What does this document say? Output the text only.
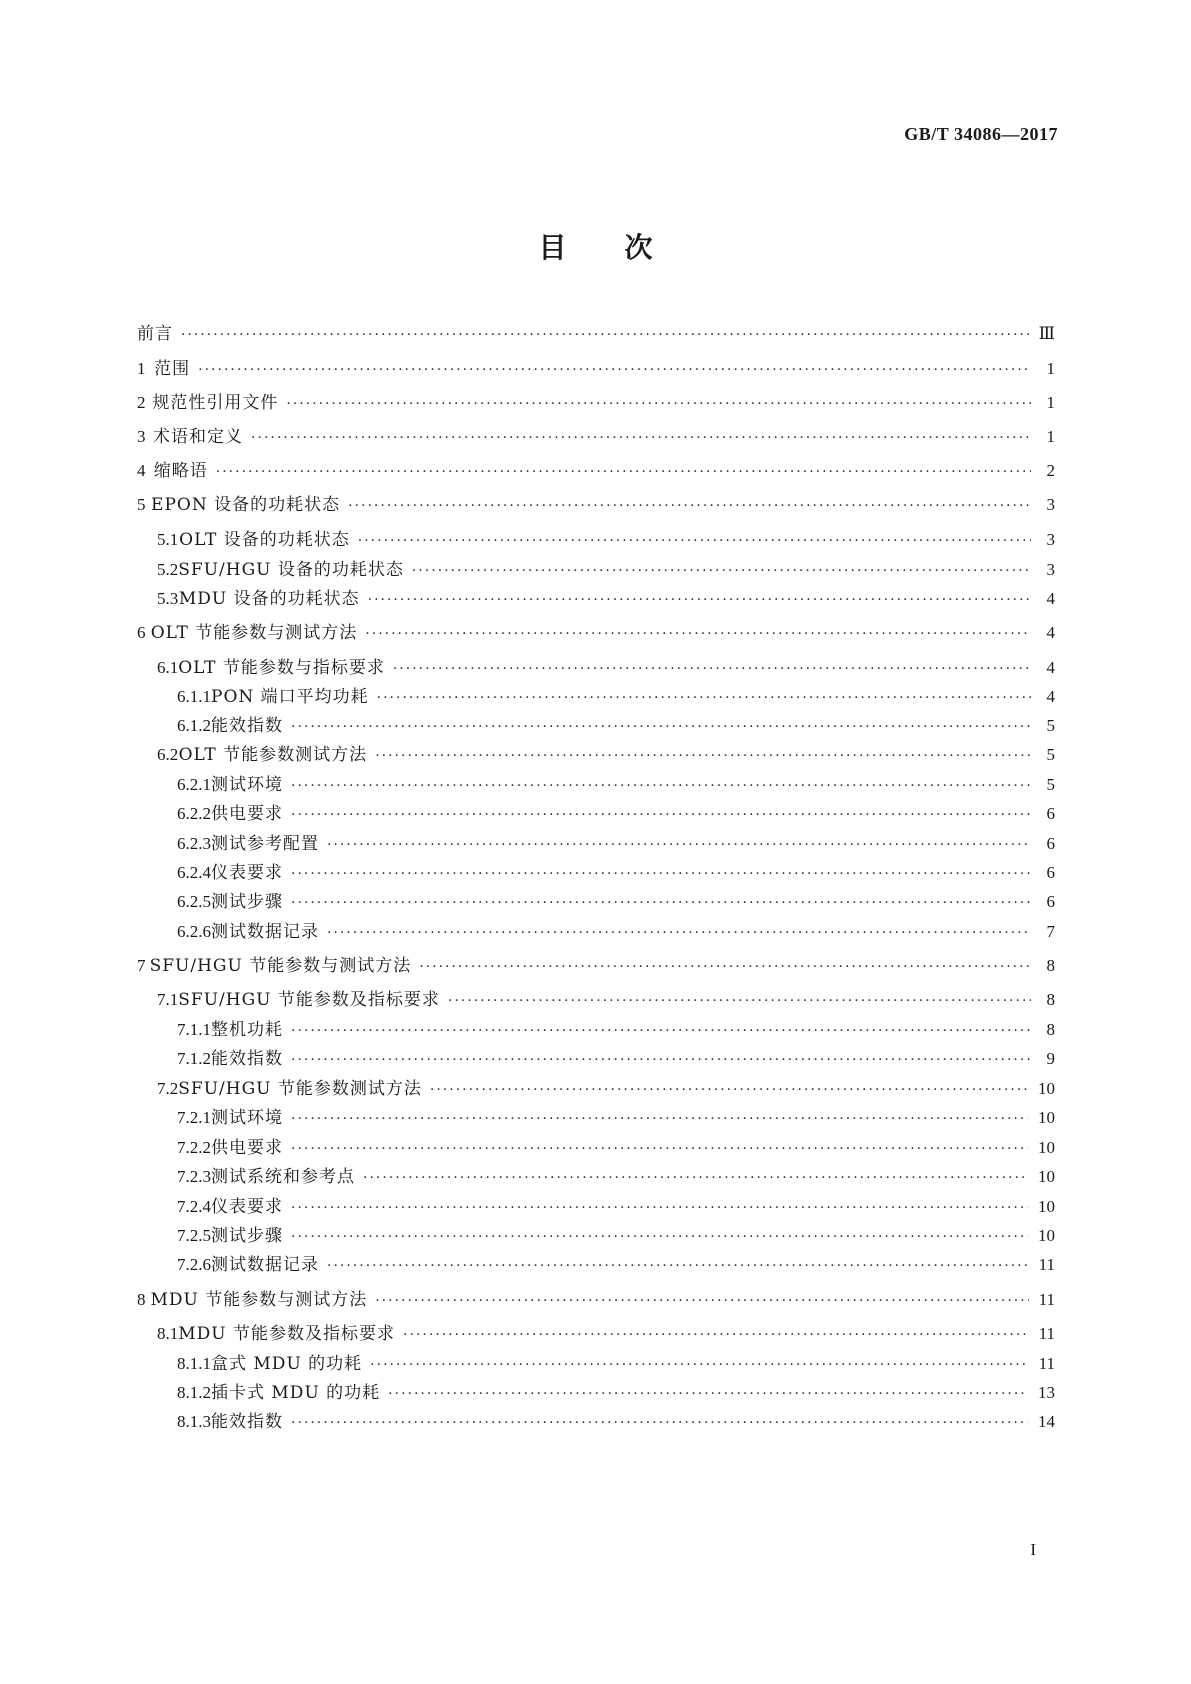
GB/T 34086—2017
目 次
前言 ·····	Ⅲ
1 范围 ·····	1
2 规范性引用文件 ·····	1
3 术语和定义 ·····	1
4 缩略语 ·····	2
5 EPON 设备的功耗状态 ·····	3
5.1 OLT 设备的功耗状态 ·····	3
5.2 SFU/HGU 设备的功耗状态 ·····	3
5.3 MDU 设备的功耗状态 ·····	4
6 OLT 节能参数与测试方法 ·····	4
6.1 OLT 节能参数与指标要求 ·····	4
6.1.1 PON 端口平均功耗 ·····	4
6.1.2 能效指数 ·····	5
6.2 OLT 节能参数测试方法 ·····	5
6.2.1 测试环境 ·····	5
6.2.2 供电要求 ·····	6
6.2.3 测试参考配置 ·····	6
6.2.4 仪表要求 ·····	6
6.2.5 测试步骤 ·····	6
6.2.6 测试数据记录 ·····	7
7 SFU/HGU 节能参数与测试方法 ·····	8
7.1 SFU/HGU 节能参数及指标要求 ·····	8
7.1.1 整机功耗 ·····	8
7.1.2 能效指数 ·····	9
7.2 SFU/HGU 节能参数测试方法 ·····	10
7.2.1 测试环境 ·····	10
7.2.2 供电要求 ·····	10
7.2.3 测试系统和参考点 ·····	10
7.2.4 仪表要求 ·····	10
7.2.5 测试步骤 ·····	10
7.2.6 测试数据记录 ·····	11
8 MDU 节能参数与测试方法 ·····	11
8.1 MDU 节能参数及指标要求 ·····	11
8.1.1 盒式 MDU 的功耗 ·····	11
8.1.2 插卡式 MDU 的功耗 ·····	13
8.1.3 能效指数 ·····	14
I
